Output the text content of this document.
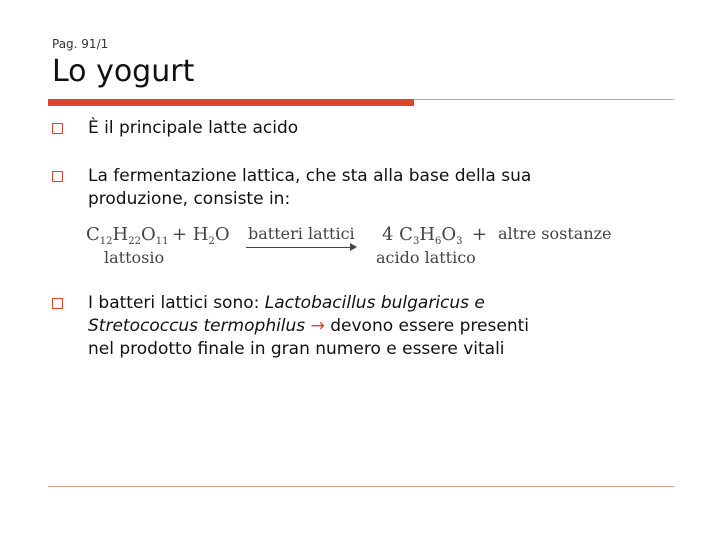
Pag. 91/1
Lo yogurt
È il principale latte acido
La fermentazione lattica, che sta alla base della sua
produzione, consiste in:
$C_{12}H_{22}O_{11} + H_2O$ batteri lattici 4 $C_3H_6O_3$ + altre sostanze
lattosio	acido lattico
I batteri lattici sono: Lactobacillus bulgaricus e
Stretococcus termophilus → devono essere presenti
nel prodotto finale in gran numero e essere vitali
